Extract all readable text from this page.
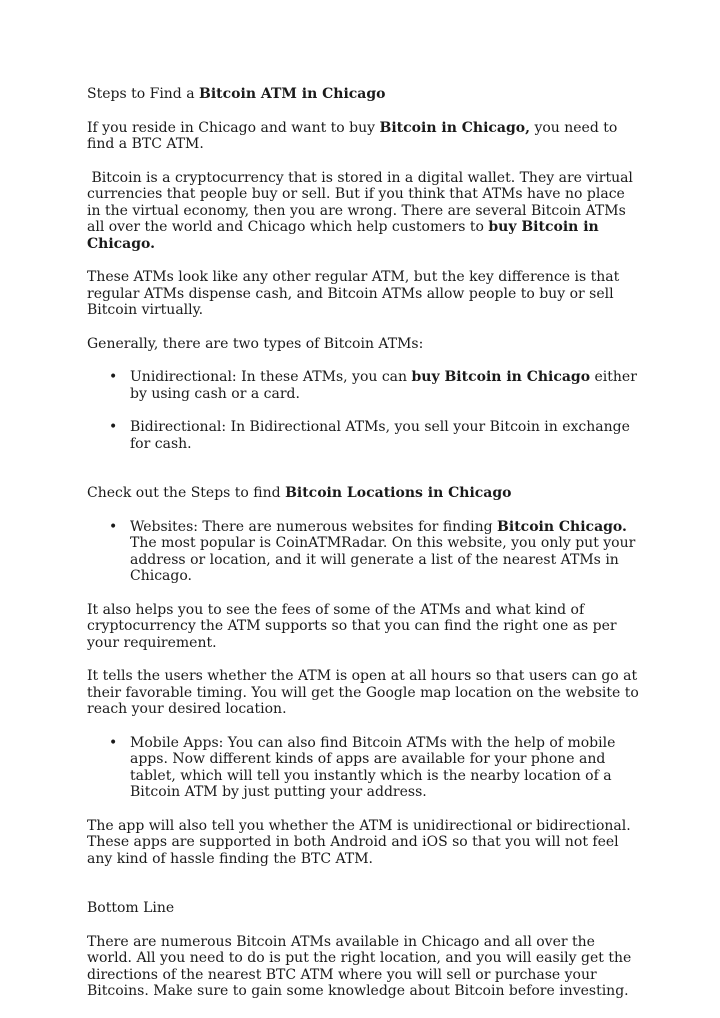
Steps to Find a Bitcoin ATM in Chicago

If you reside in Chicago and want to buy Bitcoin in Chicago, you need to find a BTC ATM.

Bitcoin is a cryptocurrency that is stored in a digital wallet. They are virtual currencies that people buy or sell. But if you think that ATMs have no place in the virtual economy, then you are wrong. There are several Bitcoin ATMs all over the world and Chicago which help customers to buy Bitcoin in Chicago.

These ATMs look like any other regular ATM, but the key difference is that regular ATMs dispense cash, and Bitcoin ATMs allow people to buy or sell Bitcoin virtually.

Generally, there are two types of Bitcoin ATMs:

• Unidirectional: In these ATMs, you can buy Bitcoin in Chicago either by using cash or a card.
• Bidirectional: In Bidirectional ATMs, you sell your Bitcoin in exchange for cash.

Check out the Steps to find Bitcoin Locations in Chicago

• Websites: There are numerous websites for finding Bitcoin Chicago. The most popular is CoinATMRadar. On this website, you only put your address or location, and it will generate a list of the nearest ATMs in Chicago.

It also helps you to see the fees of some of the ATMs and what kind of cryptocurrency the ATM supports so that you can find the right one as per your requirement.

It tells the users whether the ATM is open at all hours so that users can go at their favorable timing. You will get the Google map location on the website to reach your desired location.

• Mobile Apps: You can also find Bitcoin ATMs with the help of mobile apps. Now different kinds of apps are available for your phone and tablet, which will tell you instantly which is the nearby location of a Bitcoin ATM by just putting your address.

The app will also tell you whether the ATM is unidirectional or bidirectional. These apps are supported in both Android and iOS so that you will not feel any kind of hassle finding the BTC ATM.

Bottom Line

There are numerous Bitcoin ATMs available in Chicago and all over the world. All you need to do is put the right location, and you will easily get the directions of the nearest BTC ATM where you will sell or purchase your Bitcoins. Make sure to gain some knowledge about Bitcoin before investing.
